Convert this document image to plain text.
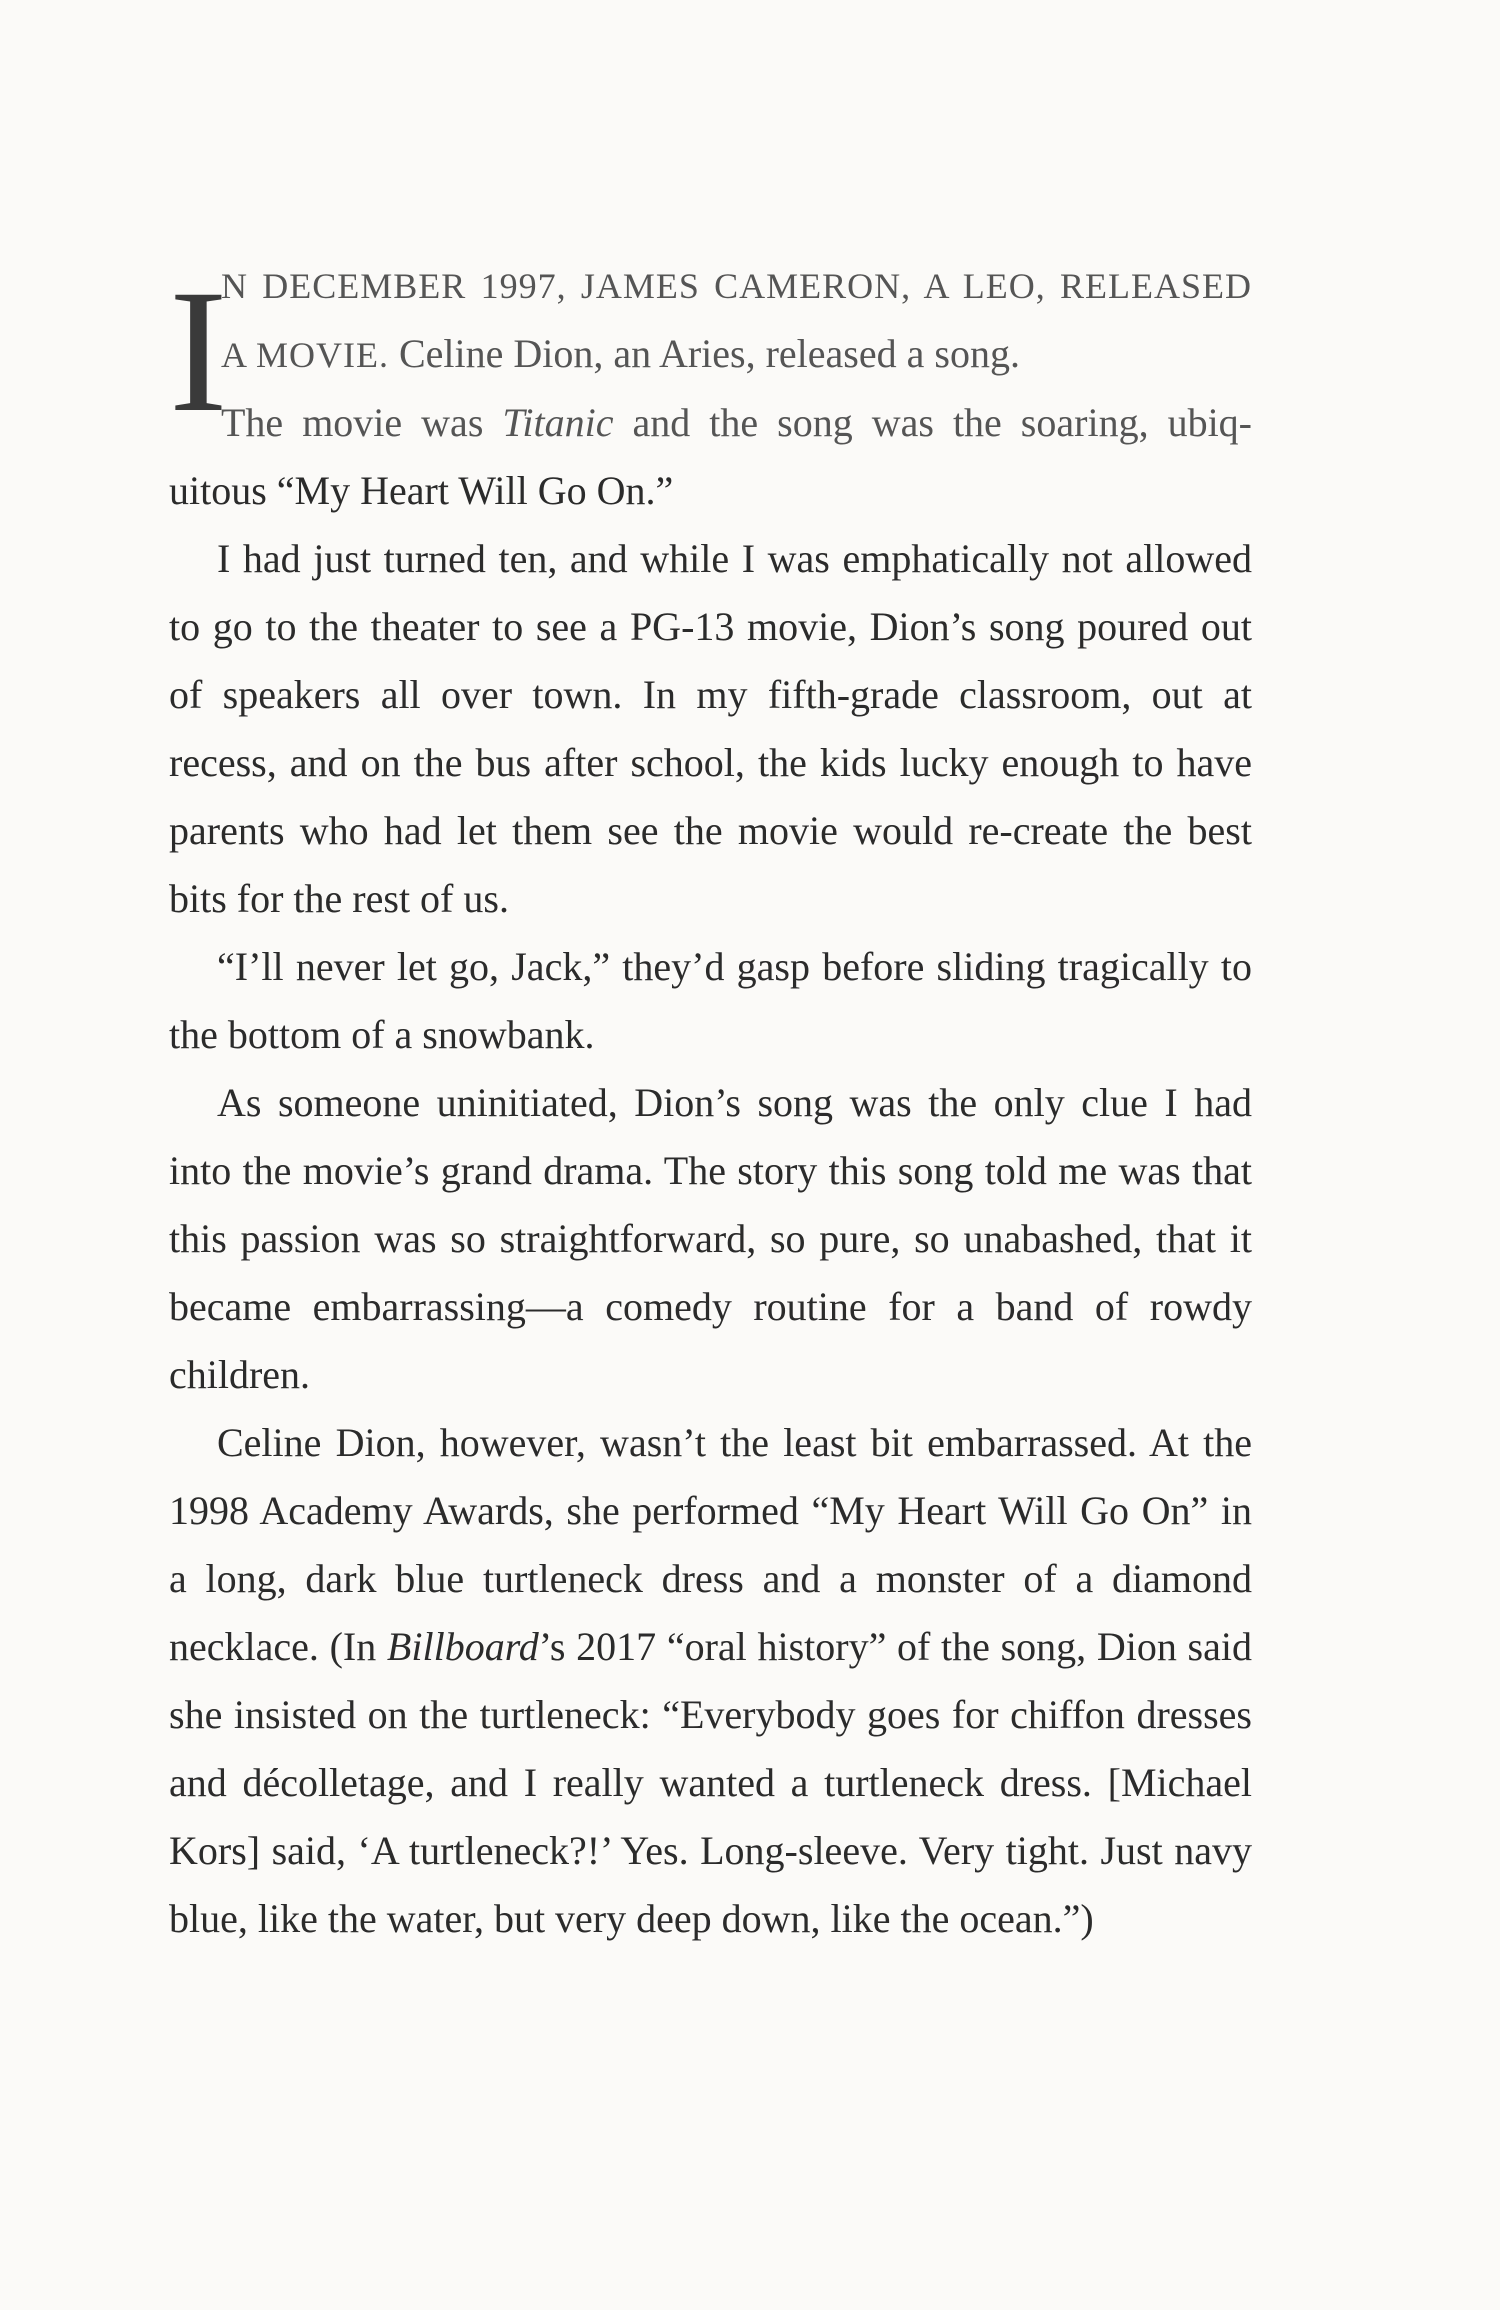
I
N DECEMBER 1997, JAMES CAMERON, A LEO, RELEASED
A MOVIE. Celine Dion, an Aries, released a song.
The movie was Titanic and the song was the soaring, ubiq-

uitous “My Heart Will Go On.”

I had just turned ten, and while I was emphatically not allowed to go to the theater to see a PG-13 movie, Dion’s song poured out of speakers all over town. In my fifth-grade classroom, out at recess, and on the bus after school, the kids lucky enough to have parents who had let them see the movie would re-create the best bits for the rest of us.

“I’ll never let go, Jack,” they’d gasp before sliding tragically to the bottom of a snowbank.

As someone uninitiated, Dion’s song was the only clue I had into the movie’s grand drama. The story this song told me was that this passion was so straightforward, so pure, so unabashed, that it became embarrassing—a comedy routine for a band of rowdy children.

Celine Dion, however, wasn’t the least bit embarrassed. At the 1998 Academy Awards, she performed “My Heart Will Go On” in a long, dark blue turtleneck dress and a monster of a diamond necklace. (In Billboard’s 2017 “oral history” of the song, Dion said she insisted on the turtleneck: “Everybody goes for chiffon dresses and décolletage, and I really wanted a turtleneck dress. [Michael Kors] said, ‘A turtleneck?!’ Yes. Long-sleeve. Very tight. Just navy blue, like the water, but very deep down, like the ocean.”)
